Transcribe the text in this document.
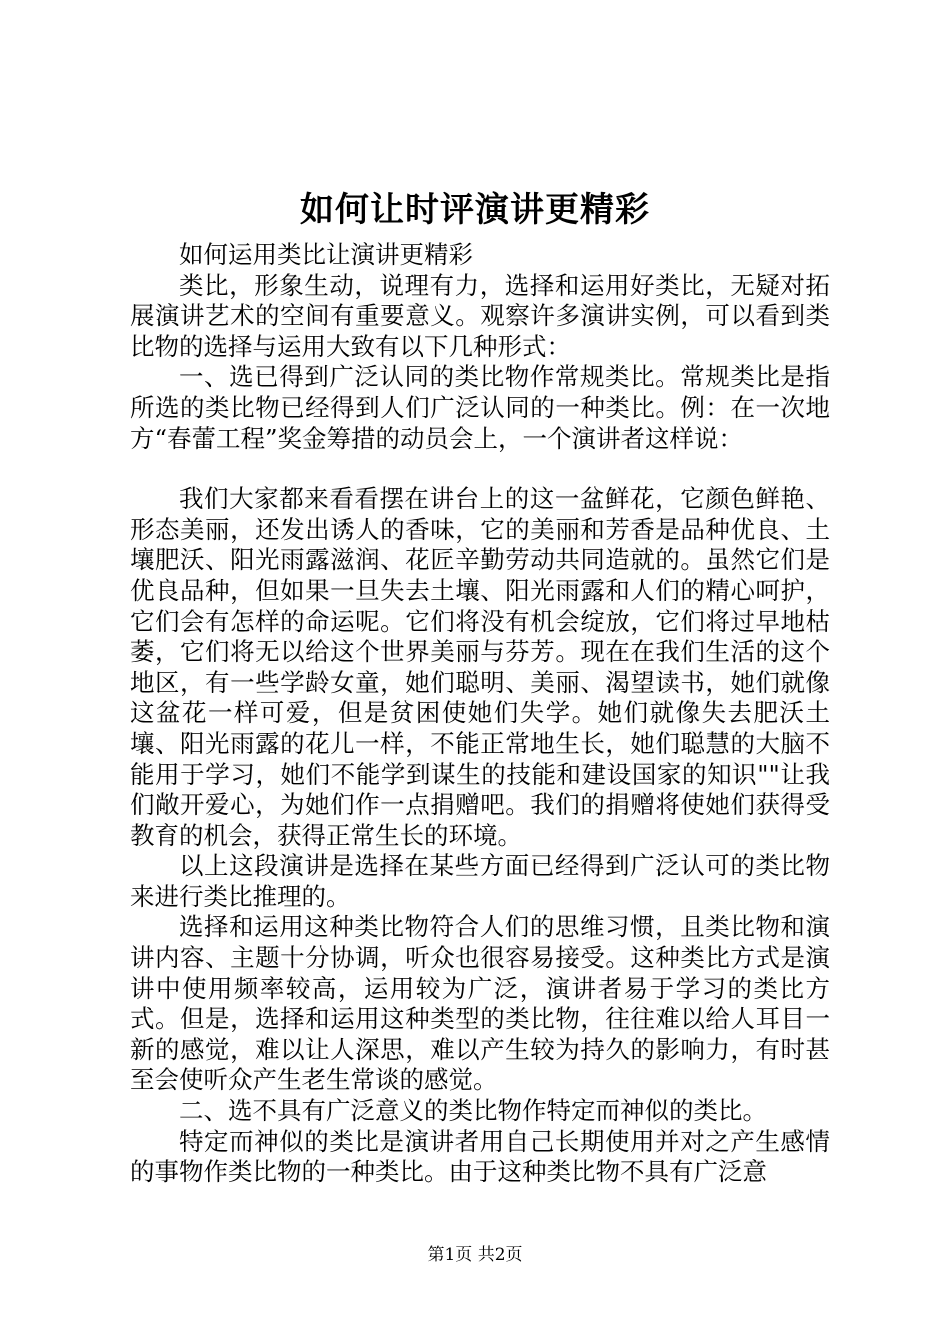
如何让时评演讲更精彩

如何运用类比让演讲更精彩

类比，形象生动，说理有力，选择和运用好类比，无疑对拓展演讲艺术的空间有重要意义。观察许多演讲实例，可以看到类比物的选择与运用大致有以下几种形式：

一、选已得到广泛认同的类比物作常规类比。常规类比是指所选的类比物已经得到人们广泛认同的一种类比。例：在一次地方“春蕾工程”奖金筹措的动员会上，一个演讲者这样说：

我们大家都来看看摆在讲台上的这一盆鲜花，它颜色鲜艳、形态美丽，还发出诱人的香味，它的美丽和芳香是品种优良、土壤肥沃、阳光雨露滋润、花匠辛勤劳动共同造就的。虽然它们是优良品种，但如果一旦失去土壤、阳光雨露和人们的精心呵护，它们会有怎样的命运呢。它们将没有机会绽放，它们将过早地枯萎，它们将无以给这个世界美丽与芬芳。现在在我们生活的这个地区，有一些学龄女童，她们聪明、美丽、渴望读书，她们就像这盆花一样可爱，但是贫困使她们失学。她们就像失去肥沃土壤、阳光雨露的花儿一样，不能正常地生长，她们聪慧的大脑不能用于学习，她们不能学到谋生的技能和建设国家的知识""让我们敞开爱心，为她们作一点捐赠吧。我们的捐赠将使她们获得受教育的机会，获得正常生长的环境。

以上这段演讲是选择在某些方面已经得到广泛认可的类比物来进行类比推理的。

选择和运用这种类比物符合人们的思维习惯，且类比物和演讲内容、主题十分协调，听众也很容易接受。这种类比方式是演讲中使用频率较高，运用较为广泛，演讲者易于学习的类比方式。但是，选择和运用这种类型的类比物，往往难以给人耳目一新的感觉，难以让人深思，难以产生较为持久的影响力，有时甚至会使听众产生老生常谈的感觉。

二、选不具有广泛意义的类比物作特定而神似的类比。

特定而神似的类比是演讲者用自己长期使用并对之产生感情的事物作类比物的一种类比。由于这种类比物不具有广泛意

第1页 共2页
